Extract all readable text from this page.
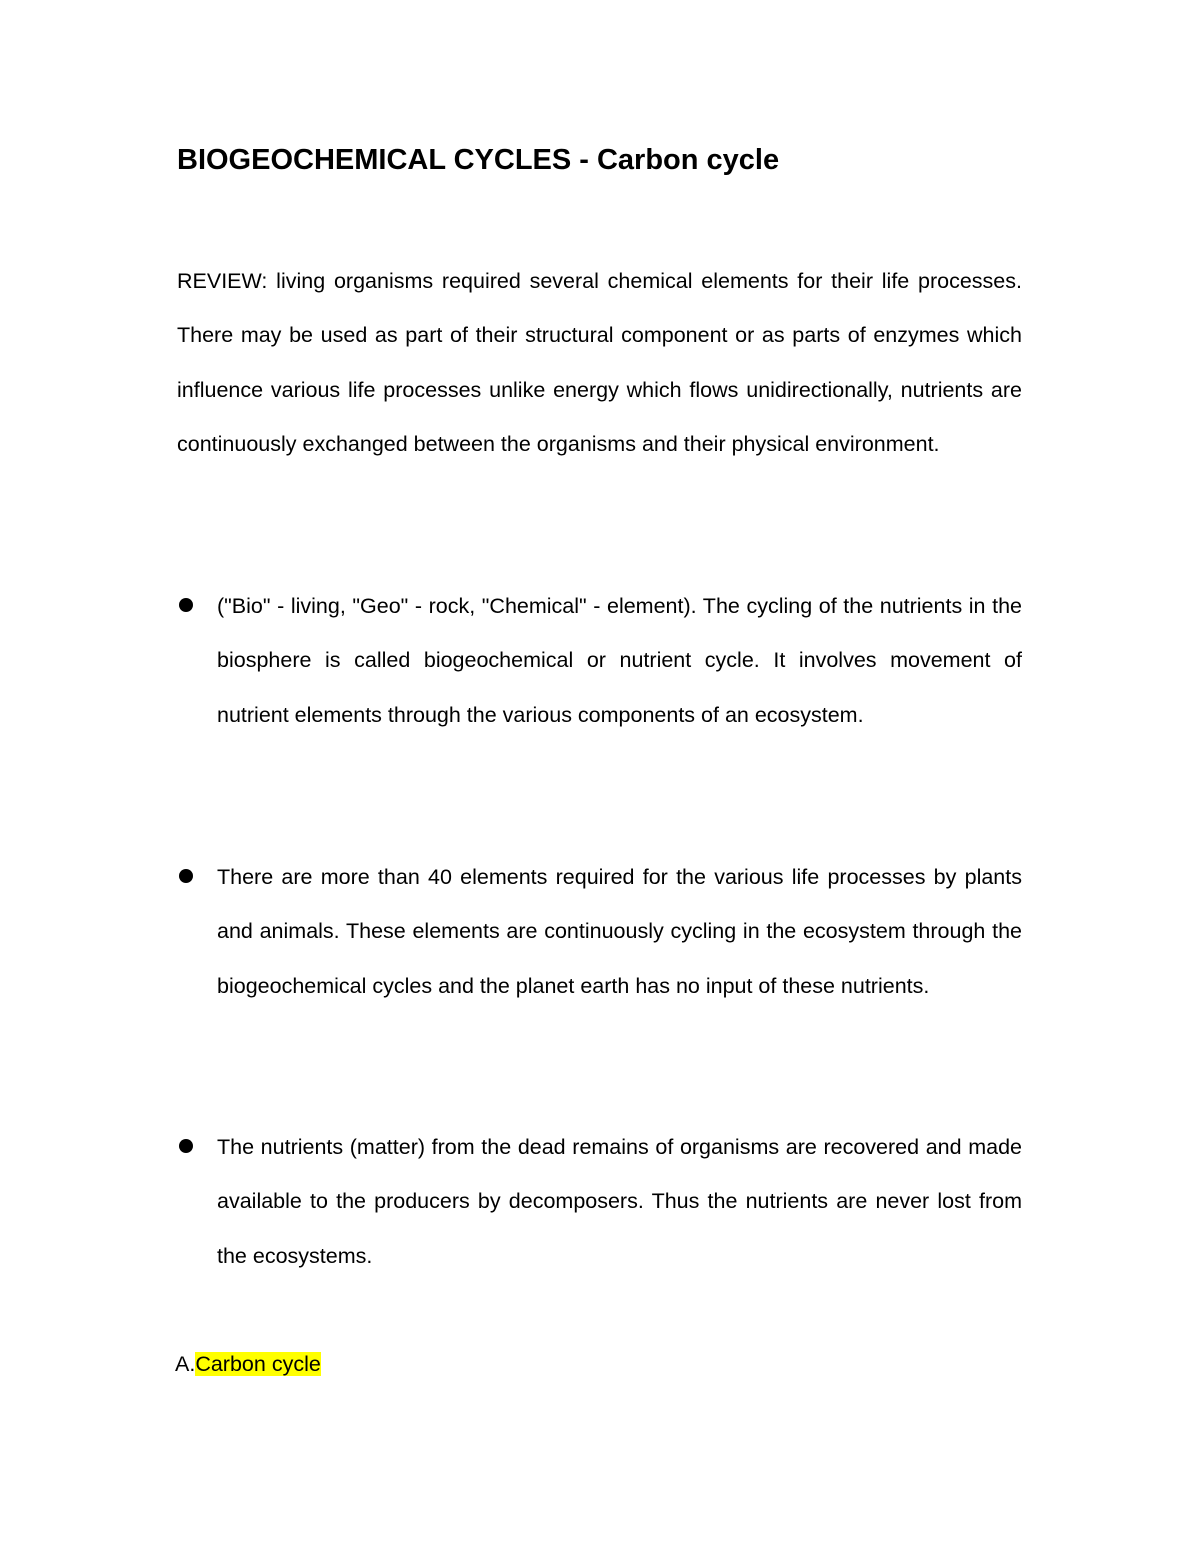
BIOGEOCHEMICAL CYCLES - Carbon cycle

REVIEW: living organisms required several chemical elements for their life processes. There may be used as part of their structural component or as parts of enzymes which influence various life processes unlike energy which flows unidirectionally, nutrients are continuously exchanged between the organisms and their physical environment.

("Bio" - living, "Geo" - rock, "Chemical" - element). The cycling of the nutrients in the biosphere is called biogeochemical or nutrient cycle. It involves movement of nutrient elements through the various components of an ecosystem.

There are more than 40 elements required for the various life processes by plants and animals. These elements are continuously cycling in the ecosystem through the biogeochemical cycles and the planet earth has no input of these nutrients.

The nutrients (matter) from the dead remains of organisms are recovered and made available to the producers by decomposers. Thus the nutrients are never lost from the ecosystems.

A.Carbon cycle
